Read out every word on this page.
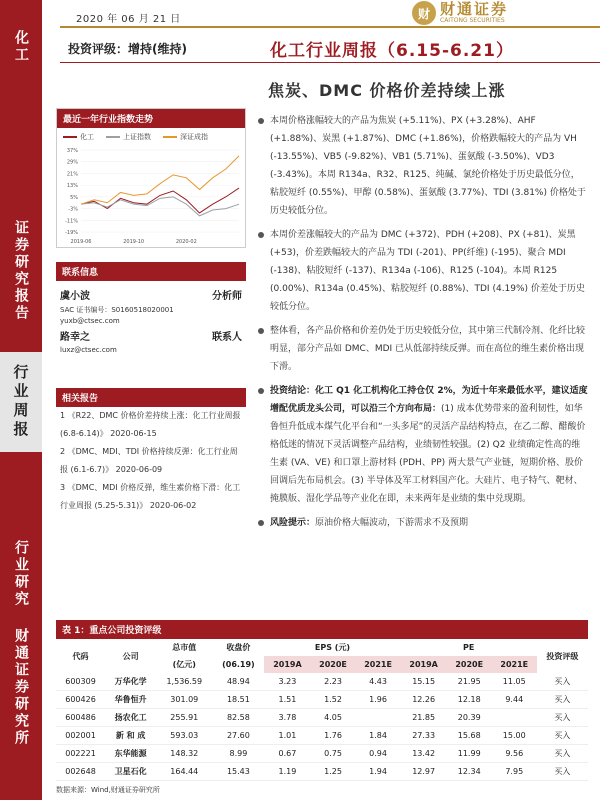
化工
证券研究报告
行业周报
行业研究
财通证券研究所
2020 年 06 月 21 日	财 财通证券
CAITONG SECURITIES
投资评级：增持(维持)	化工行业周报（6.15-6.21）
焦炭、DMC 价格价差持续上涨
最近一年行业指数走势
化工	上证指数	深证成指
37%
29%
21%
13%
5%
-3%
-11%
-19%
2019-06	2019-10	2020-02
联系信息
虞小波	分析师
SAC 证书编号：S0160518020001
yuxb@ctsec.com
路幸之	联系人
luxz@ctsec.com
相关报告
1 《R22、DMC 价格价差持续上涨：化工行业周报 (6.8-6.14)》 2020-06-15
2 《DMC、MDI、TDI 价格持续反弹：化工行业周报 (6.1-6.7)》 2020-06-09
3 《DMC、MDI 价格反弹，维生素价格下滑：化工行业周报 (5.25-5.31)》 2020-06-02
本周价格涨幅较大的产品为焦炭 (+5.11%)、PX (+3.28%)、AHF (+1.88%)、炭黑 (+1.87%)、DMC (+1.86%)，价格跌幅较大的产品为 VH (-13.55%)、VB5 (-9.82%)、VB1 (5.71%)、蛋氨酸 (-3.50%)、VD3 (-3.43%)。本周 R134a、R32、R125、纯碱、氯纶价格处于历史最低分位，粘胶短纤 (0.55%)、甲醇 (0.58%)、蛋氨酸 (3.77%)、TDI (3.81%) 价格处于历史较低分位。
本周价差涨幅较大的产品为 DMC (+372)、PDH (+208)、PX (+81)、炭黑 (+53)，价差跌幅较大的产品为 TDI (-201)、PP(纤维) (-195)、聚合 MDI (-138)、粘胶短纤 (-137)、R134a (-106)、R125 (-104)。本周 R125 (0.00%)、R134a (0.45%)、粘胶短纤 (0.88%)、TDI (4.19%) 价差处于历史较低分位。
整体看，各产品价格和价差仍处于历史较低分位，其中第三代制冷剂、化纤比较明显，部分产品如 DMC、MDI 已从低部持续反弹。而在高位的维生素价格出现下滑。
投资结论：化工 Q1 化工机构化工持仓仅 2%，为近十年来最低水平，建议适度增配优质龙头公司，可以沿三个方向布局：(1) 成本优势带来的盈利韧性，如华鲁恒升低成本煤气化平台和“一头多尾”的灵活产品结构特点，在乙二醇、醋酸价格低迷的情况下灵活调整产品结构，业绩韧性较强。(2) Q2 业绩确定性高的维生素 (VA、VE) 和口罩上游材料 (PDH、PP) 两大景气产业链，短期价格、股价回调后先布局机会。(3) 半导体及军工材料国产化。大硅片、电子特气、靶材、掩膜版、湿化学品等产业化在即，未来两年是业绩的集中兑现期。
风险提示：原油价格大幅波动，下游需求不及预期
表 1：重点公司投资评级
代码	公司	总市值	收盘价	EPS (元)			PE			投资评级
		(亿元)	(06.19)	2019A	2020E	2021E	2019A	2020E	2021E	
600309	万华化学	1,536.59	48.94	3.23	2.23	4.43	15.15	21.95	11.05	买入
600426	华鲁恒升	301.09	18.51	1.51	1.52	1.96	12.26	12.18	9.44	买入
600486	扬农化工	255.91	82.58	3.78	4.05		21.85	20.39		买入
002001	新 和 成	593.03	27.60	1.01	1.76	1.84	27.33	15.68	15.00	买入
002221	东华能源	148.32	8.99	0.67	0.75	0.94	13.42	11.99	9.56	买入
002648	卫星石化	164.44	15.43	1.19	1.25	1.94	12.97	12.34	7.95	买入
数据来源：Wind,财通证券研究所
